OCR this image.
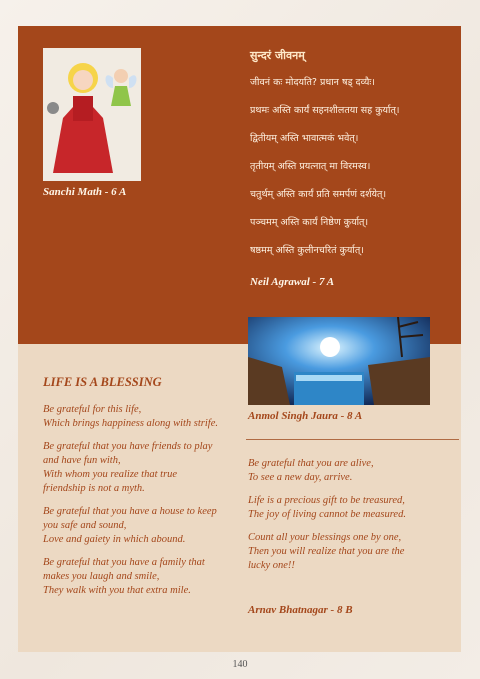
Sanchi Math - 6 A
सुन्दरं जीवनम्
जीवनं कः मोदयति? प्रधान षड् दव्यैः।
प्रथमः अस्ति कार्यं सहनशीलतया सह कुर्यात्।
द्वितीयम् अस्ति भावात्मकं भवेत्।
तृतीयम् अस्ति प्रयत्नात् मा विरमस्व।
चतुर्थम् अस्ति कार्यं प्रति समर्पणं दर्शयेत्।
पञ्चमम् अस्ति कार्यं निष्ठेण कुर्यात्।
षष्ठमम् अस्ति कुलीनचरितं कुर्यात्।
Neil Agrawal - 7 A
Anmol Singh Jaura - 8 A
LIFE IS A BLESSING
Be grateful for this life,
Which brings happiness along with strife.
Be grateful that you have friends to play
and have fun with,
With whom you realize that true
friendship is not a myth.
Be grateful that you have a house to keep
you safe and sound,
Love and gaiety in which abound.
Be grateful that you have a family that
makes you laugh and smile,
They walk with you that extra mile.
Be grateful that you are alive,
To see a new day, arrive.
Life is a precious gift to be treasured,
The joy of living cannot be measured.
Count all your blessings one by one,
Then you will realize that you are the
lucky one!!
Arnav Bhatnagar - 8 B
140
